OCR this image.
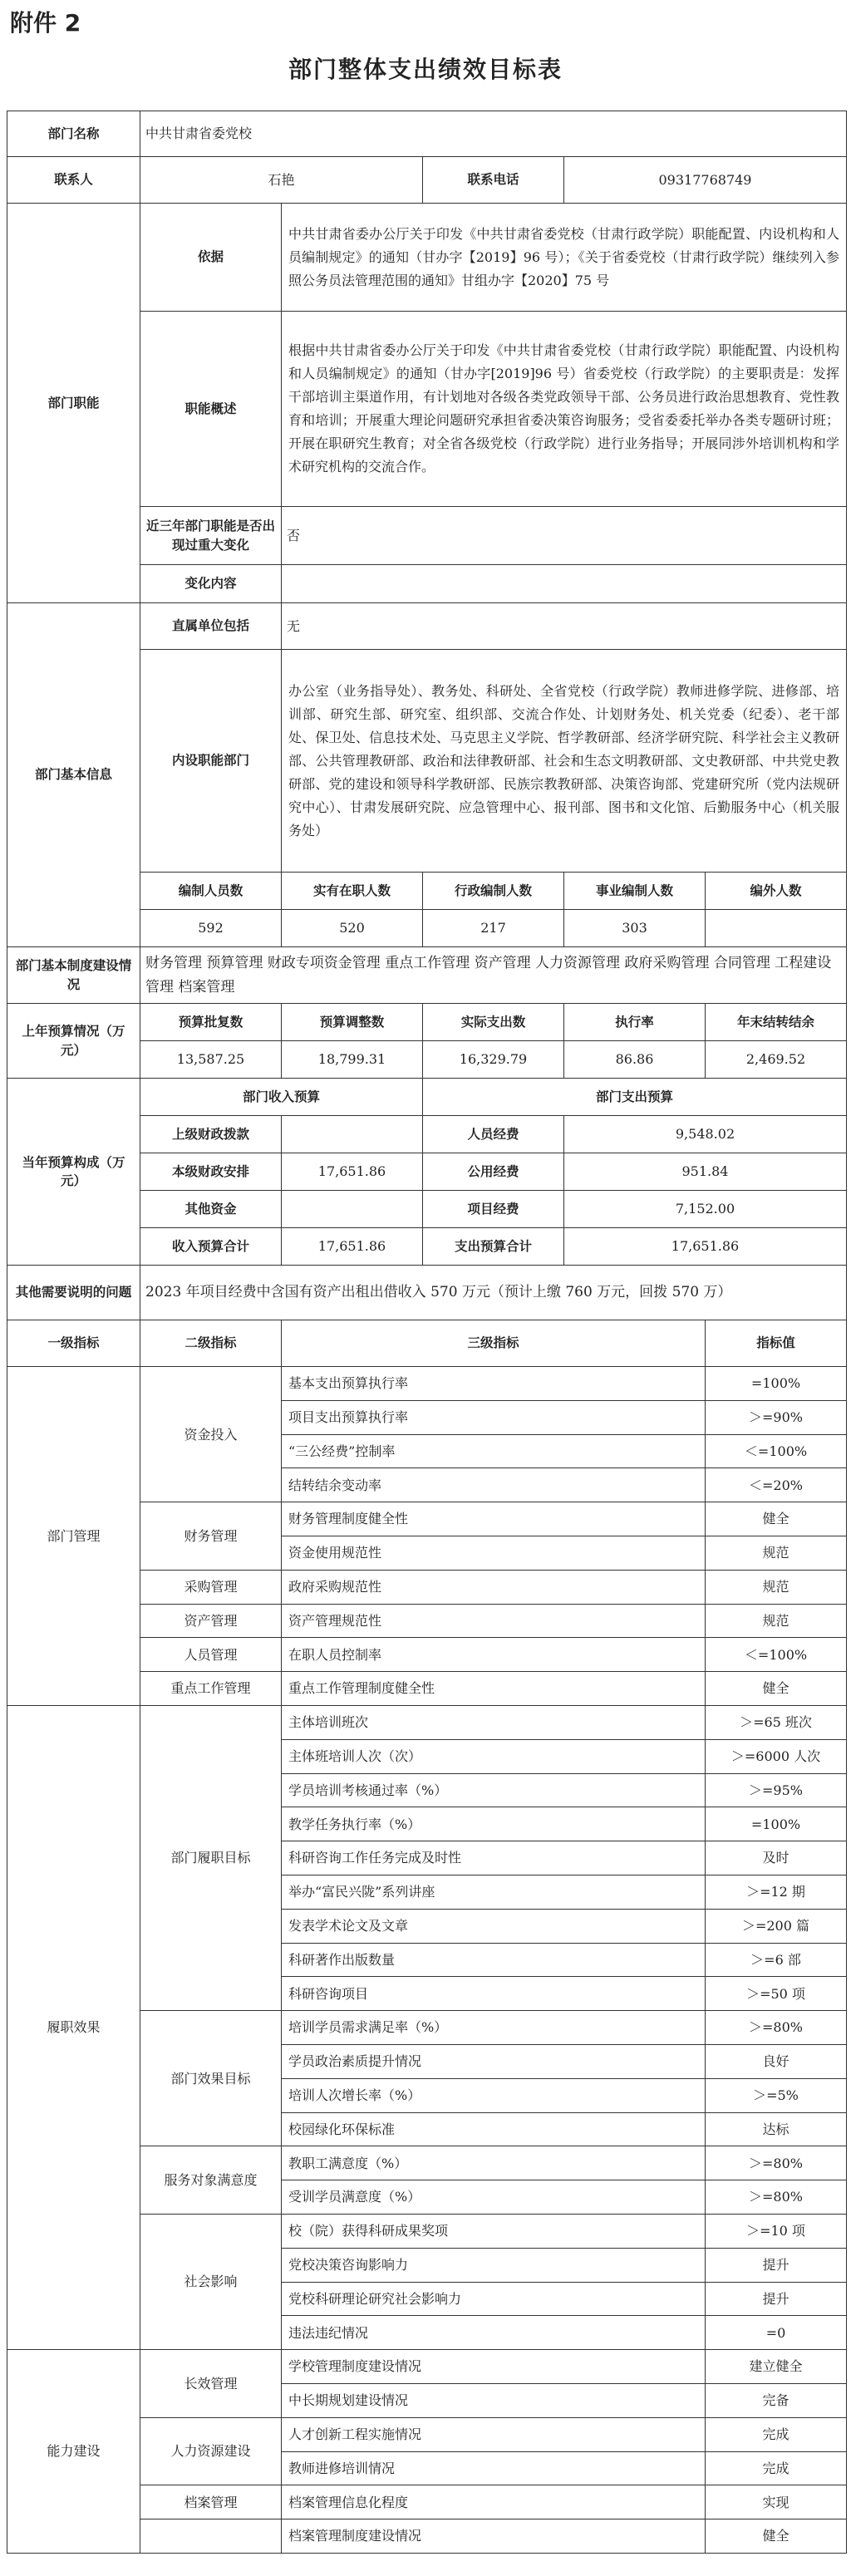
附件 2
部门整体支出绩效目标表
部门名称	中共甘肃省委党校				
联系人	石艳		联系电话	09317768749	
部门职能	依据	中共甘肃省委办公厅关于印发《中共甘肃省委党校（甘肃行政学院）职能配置、内设机构和人员编制规定》的通知（甘办字【2019】96 号）；《关于省委党校（甘肃行政学院）继续列入参照公务员法管理范围的通知》甘组办字【2020】75 号			
	职能概述	根据中共甘肃省委办公厅关于印发《中共甘肃省委党校（甘肃行政学院）职能配置、内设机构和人员编制规定》的通知（甘办字[2019]96 号）省委党校（行政学院）的主要职责是：发挥干部培训主渠道作用，有计划地对各级各类党政领导干部、公务员进行政治思想教育、党性教育和培训；开展重大理论问题研究承担省委决策咨询服务；受省委委托举办各类专题研讨班；开展在职研究生教育；对全省各级党校（行政学院）进行业务指导；开展同涉外培训机构和学术研究机构的交流合作。			
	近三年部门职能是否出现过重大变化	否			
	变化内容				
部门基本信息	直属单位包括	无			
	内设职能部门	办公室（业务指导处）、教务处、科研处、全省党校（行政学院）教师进修学院、进修部、培训部、研究生部、研究室、组织部、交流合作处、计划财务处、机关党委（纪委）、老干部处、保卫处、信息技术处、马克思主义学院、哲学教研部、经济学研究院、科学社会主义教研部、公共管理教研部、政治和法律教研部、社会和生态文明教研部、文史教研部、中共党史教研部、党的建设和领导科学教研部、民族宗教教研部、决策咨询部、党建研究所（党内法规研究中心）、甘肃发展研究院、应急管理中心、报刊部、图书和文化馆、后勤服务中心（机关服务处）			
	编制人员数	实有在职人数	行政编制人数	事业编制人数	编外人数
	592	520	217	303	
部门基本制度建设情况	财务管理 预算管理 财政专项资金管理 重点工作管理 资产管理 人力资源管理 政府采购管理 合同管理 工程建设管理 档案管理				
上年预算情况（万元）	预算批复数	预算调整数	实际支出数	执行率	年末结转结余
	13,587.25	18,799.31	16,329.79	86.86	2,469.52
当年预算构成（万元）	部门收入预算		部门支出预算		
	上级财政拨款		人员经费	9,548.02	
	本级财政安排	17,651.86	公用经费	951.84	
	其他资金		项目经费	7,152.00	
	收入预算合计	17,651.86	支出预算合计	17,651.86	
其他需要说明的问题	2023 年项目经费中含国有资产出租出借收入 570 万元（预计上缴 760 万元，回拨 570 万）				
一级指标	二级指标	三级指标			指标值
部门管理	资金投入	基本支出预算执行率			=100%
		项目支出预算执行率			＞=90%
		“三公经费”控制率			＜=100%
		结转结余变动率			＜=20%
	财务管理	财务管理制度健全性			健全
		资金使用规范性			规范
	采购管理	政府采购规范性			规范
	资产管理	资产管理规范性			规范
	人员管理	在职人员控制率			＜=100%
	重点工作管理	重点工作管理制度健全性			健全
履职效果	部门履职目标	主体培训班次			＞=65 班次
		主体班培训人次（次）			＞=6000 人次
		学员培训考核通过率（%）			＞=95%
		教学任务执行率（%）			=100%
		科研咨询工作任务完成及时性			及时
		举办“富民兴陇”系列讲座			＞=12 期
		发表学术论文及文章			＞=200 篇
		科研著作出版数量			＞=6 部
		科研咨询项目			＞=50 项
	部门效果目标	培训学员需求满足率（%）			＞=80%
		学员政治素质提升情况			良好
		培训人次增长率（%）			＞=5%
		校园绿化环保标准			达标
	服务对象满意度	教职工满意度（%）			＞=80%
		受训学员满意度（%）			＞=80%
	社会影响	校（院）获得科研成果奖项			＞=10 项
		党校决策咨询影响力			提升
		党校科研理论研究社会影响力			提升
		违法违纪情况			=0
能力建设	长效管理	学校管理制度建设情况			建立健全
		中长期规划建设情况			完备
	人力资源建设	人才创新工程实施情况			完成
		教师进修培训情况			完成
	档案管理	档案管理信息化程度			实现
		档案管理制度建设情况			健全
